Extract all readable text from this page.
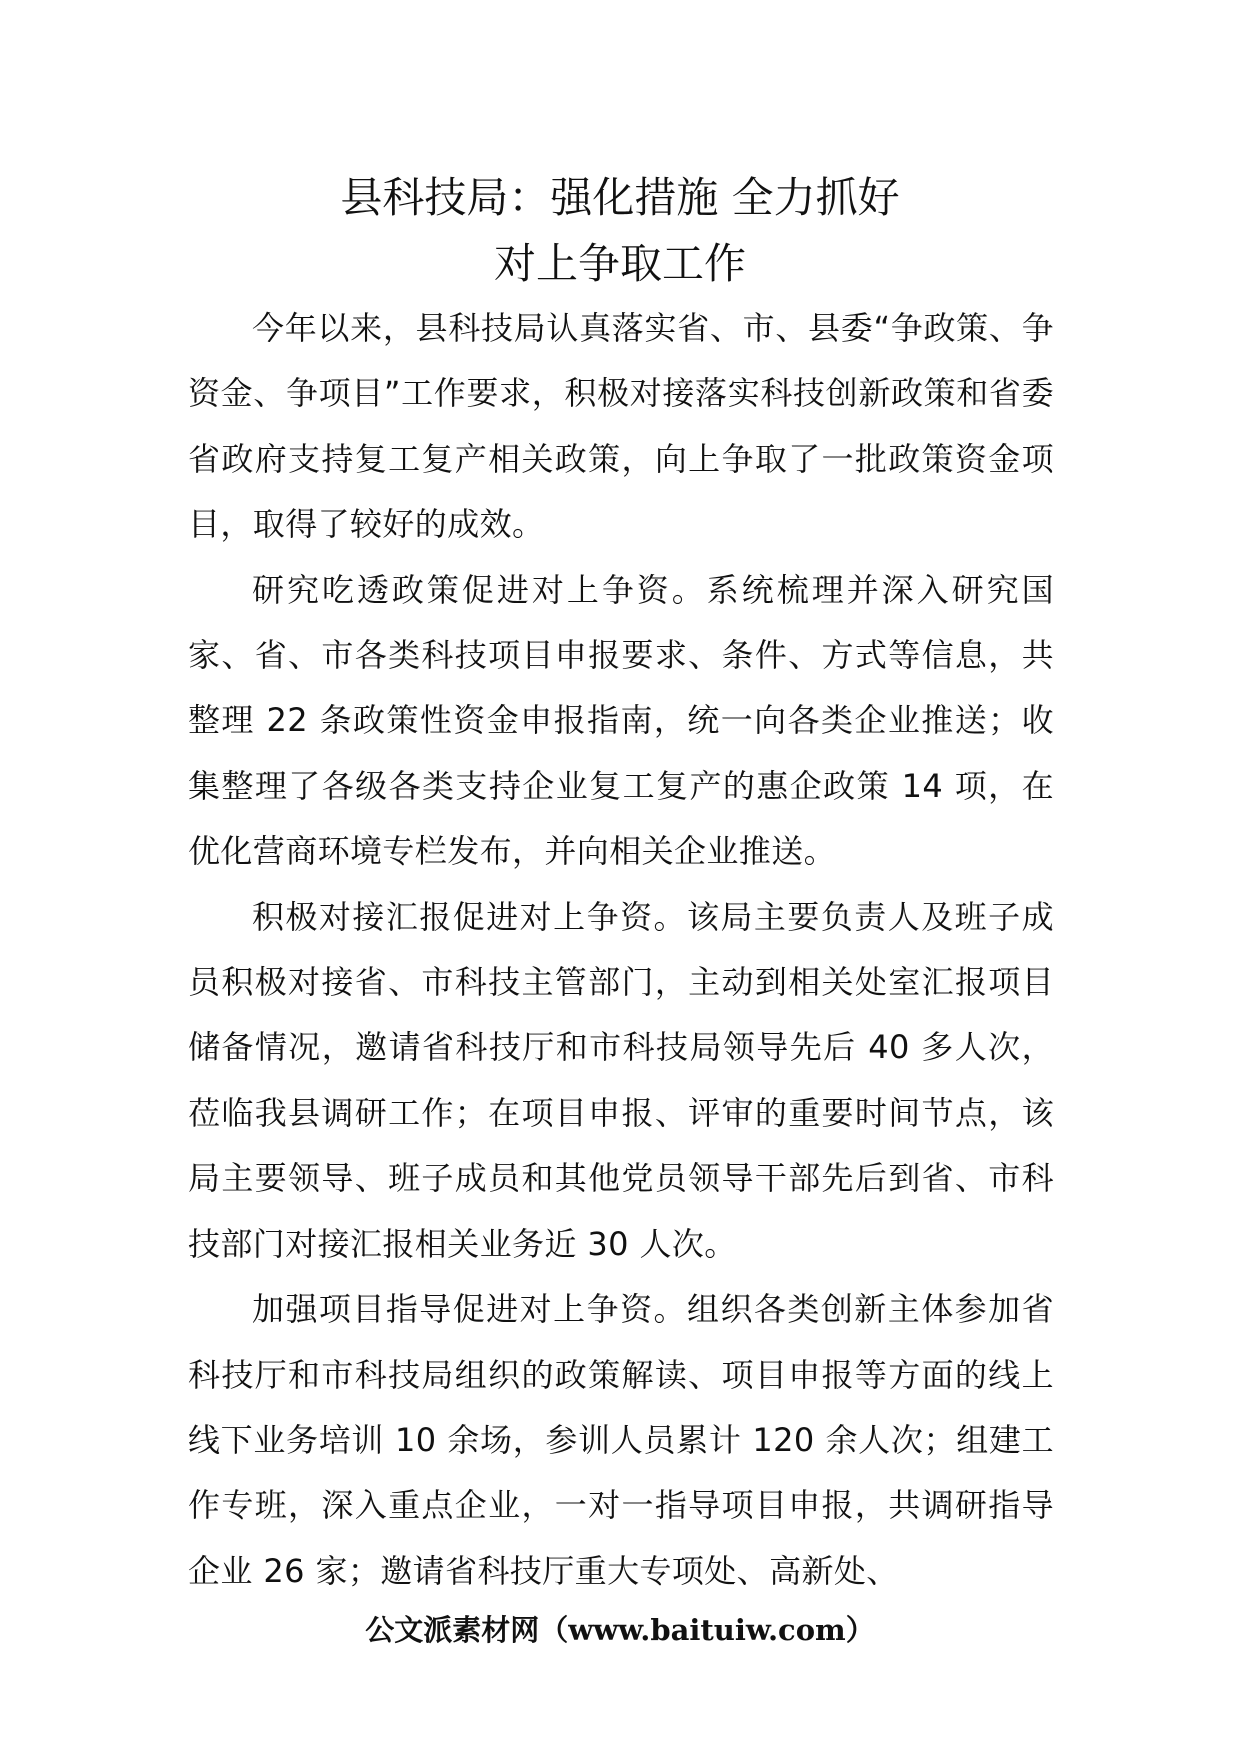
县科技局：强化措施 全力抓好
对上争取工作

今年以来，县科技局认真落实省、市、县委“争政策、争资金、争项目”工作要求，积极对接落实科技创新政策和省委省政府支持复工复产相关政策，向上争取了一批政策资金项目，取得了较好的成效。

研究吃透政策促进对上争资。系统梳理并深入研究国家、省、市各类科技项目申报要求、条件、方式等信息，共整理 22 条政策性资金申报指南，统一向各类企业推送；收集整理了各级各类支持企业复工复产的惠企政策 14 项，在优化营商环境专栏发布，并向相关企业推送。

积极对接汇报促进对上争资。该局主要负责人及班子成员积极对接省、市科技主管部门，主动到相关处室汇报项目储备情况，邀请省科技厅和市科技局领导先后 40 多人次，莅临我县调研工作；在项目申报、评审的重要时间节点，该局主要领导、班子成员和其他党员领导干部先后到省、市科技部门对接汇报相关业务近 30 人次。

加强项目指导促进对上争资。组织各类创新主体参加省科技厅和市科技局组织的政策解读、项目申报等方面的线上线下业务培训 10 余场，参训人员累计 120 余人次；组建工作专班，深入重点企业，一对一指导项目申报，共调研指导企业 26 家；邀请省科技厅重大专项处、高新处、

公文派素材网（www.baituiw.com）
